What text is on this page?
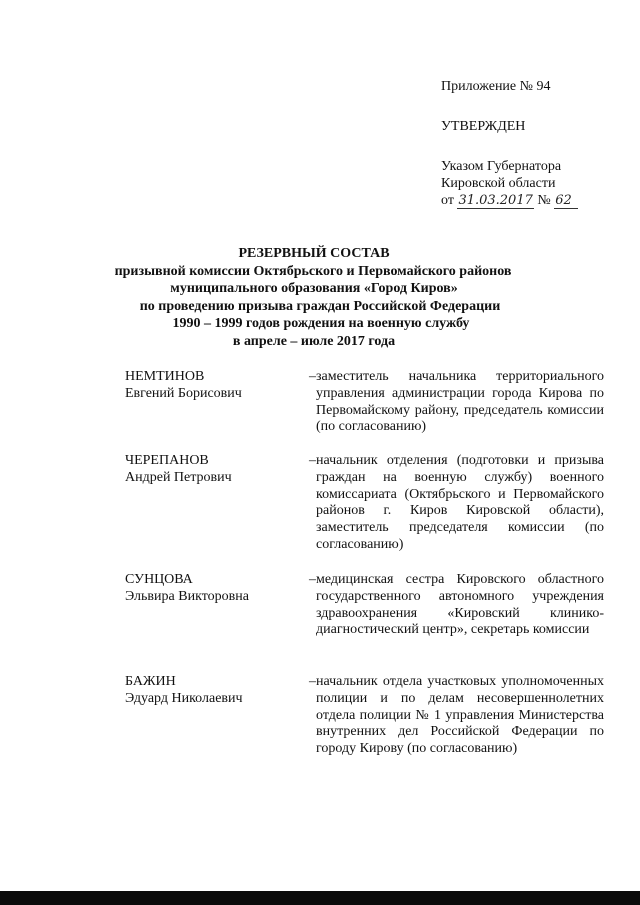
Приложение № 94
УТВЕРЖДЕН
Указом Губернатора
Кировской области
от 31.03.2017 № 62
РЕЗЕРВНЫЙ СОСТАВ
призывной комиссии Октябрьского и Первомайского районов
муниципального образования «Город Киров»
по проведению призыва граждан Российской Федерации
1990 – 1999 годов рождения на военную службу
в апреле – июле 2017 года
НЕМТИНОВ
Евгений Борисович
– заместитель начальника территориального управления администрации города Кирова по Первомайскому району, председатель комиссии (по согласованию)
ЧЕРЕПАНОВ
Андрей Петрович
– начальник отделения (подготовки и призыва граждан на военную службу) военного комиссариата (Октябрьского и Первомайского районов г. Киров Кировской области), заместитель председателя комиссии (по согласованию)
СУНЦОВА
Эльвира Викторовна
– медицинская сестра Кировского областного государственного автономного учреждения здравоохранения «Кировский клинико-диагностический центр», секретарь комиссии
БАЖИН
Эдуард Николаевич
– начальник отдела участковых уполномоченных полиции и по делам несовершеннолетних отдела полиции № 1 управления Министерства внутренних дел Российской Федерации по городу Кирову (по согласованию)
